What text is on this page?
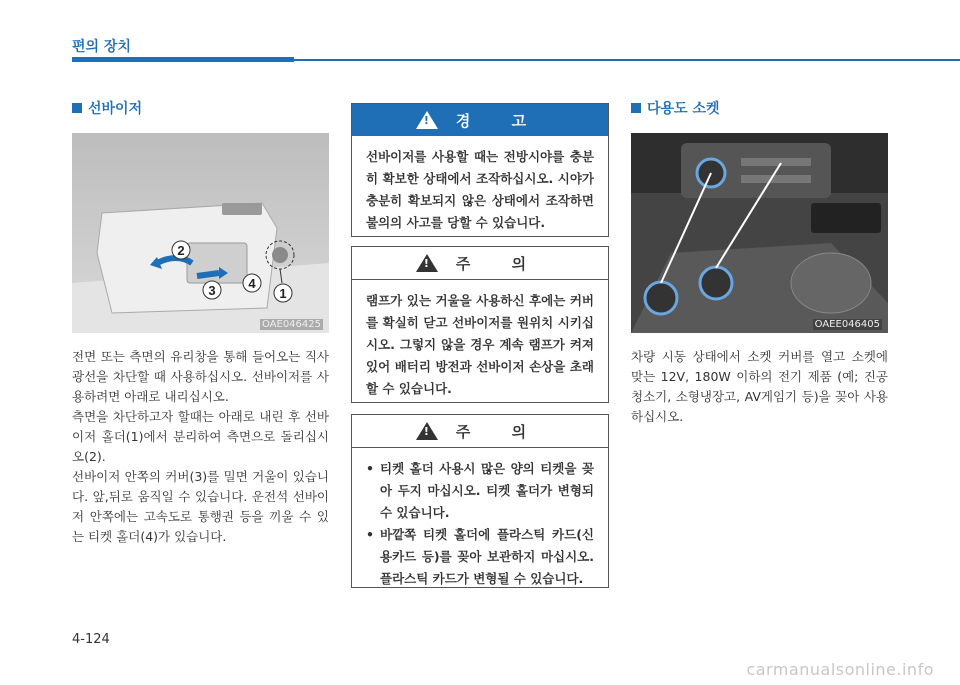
편의 장치
선바이저
2
3	4
1
OAE046425

전면 또는 측면의 유리창을 통해 들어오는 직사광선을 차단할 때 사용하십시오. 선바이저를 사용하려면 아래로 내리십시오.

측면을 차단하고자 할때는 아래로 내린 후 선바이저 홀더(1)에서 분리하여 측면으로 돌리십시오(2).

선바이저 안쪽의 커버(3)를 밀면 거울이 있습니다. 앞,뒤로 움직일 수 있습니다. 운전석 선바이저 안쪽에는 고속도로 통행권 등을 끼울 수 있는 티켓 홀더(4)가 있습니다.

!
경 고
선바이저를 사용할 때는 전방시야를 충분히 확보한 상태에서 조작하십시오. 시야가 충분히 확보되지 않은 상태에서 조작하면 불의의 사고를 당할 수 있습니다.
!
주 의
램프가 있는 거울을 사용하신 후에는 커버를 확실히 닫고 선바이저를 원위치 시키십시오. 그렇지 않을 경우 계속 램프가 켜져있어 배터리 방전과 선바이저 손상을 초래할 수 있습니다.
!
주 의
• 티켓 홀더 사용시 많은 양의 티켓을 꽂아 두지 마십시오. 티켓 홀더가 변형되 수 있습니다.
• 바깥쪽 티켓 홀더에 플라스틱 카드(신용카드 등)를 꽂아 보관하지 마십시오. 플라스틱 카드가 변형될 수 있습니다.
다용도 소켓
OAEE046405

차량 시동 상태에서 소켓 커버를 열고 소켓에 맞는 12V, 180W 이하의 전기 제품 (예; 진공청소기, 소형냉장고, AV게임기 등)을 꽂아 사용하십시오.

4-124
carmanualsonline.info
